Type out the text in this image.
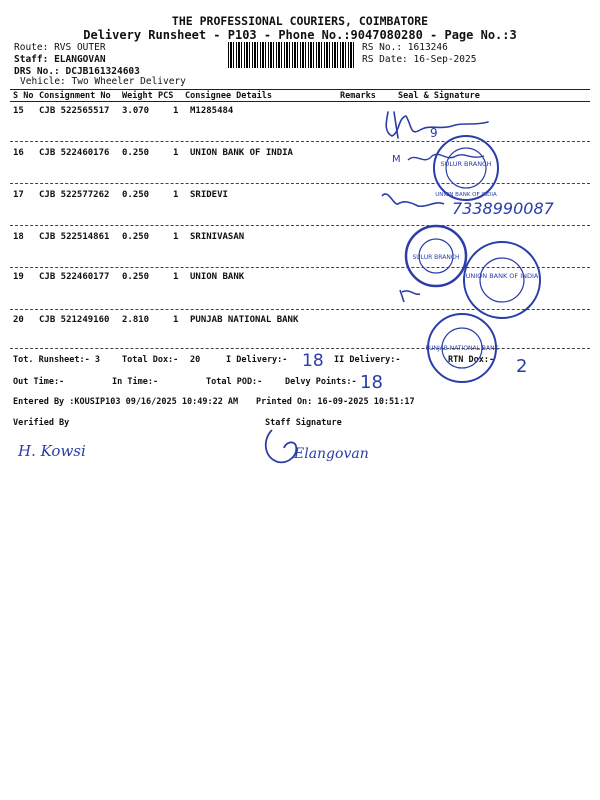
THE PROFESSIONAL COURIERS, COIMBATORE
Delivery Runsheet - P103 - Phone No.:9047080280 - Page No.:3
Route: RVS OUTER
Staff: ELANGOVAN
DRS No.: DCJB161324603
Vehicle: Two Wheeler Delivery
RS No.: 1613246
RS Date: 16-Sep-2025
S No Consignment No Weight PCS Consignee Details	Remarks	Seal & Signature
15 CJB 522565517 3.070	1 M1285484
16 CJB 522460176 0.250	1 UNION BANK OF INDIA
17 CJB 522577262 0.250	1 SRIDEVI
18 CJB 522514861 0.250	1 SRINIVASAN
19 CJB 522460177 0.250	1 UNION BANK
20 CJB 521249160 2.810	1 PUNJAB NATIONAL BANK
Tot. Runsheet:- 3	Total Dox:- 20	I Delivery:-	II Delivery:-	RTN Dox:-
Out Time:-	In Time:-	Total POD:-	Delvy Points:-
Entered By :KOUSIP103 09/16/2025 10:49:22 AM Printed On: 16-09-2025 10:51:17
Verified By	Staff Signature
9
M	SULUR BRANCH
UNION BANK OF INDIA
7338990087
SULUR BRANCH
UNION BANK OF INDIA
PUNJAB NATIONAL BANK
18	2
18
H. Kowsi	Elangovan
